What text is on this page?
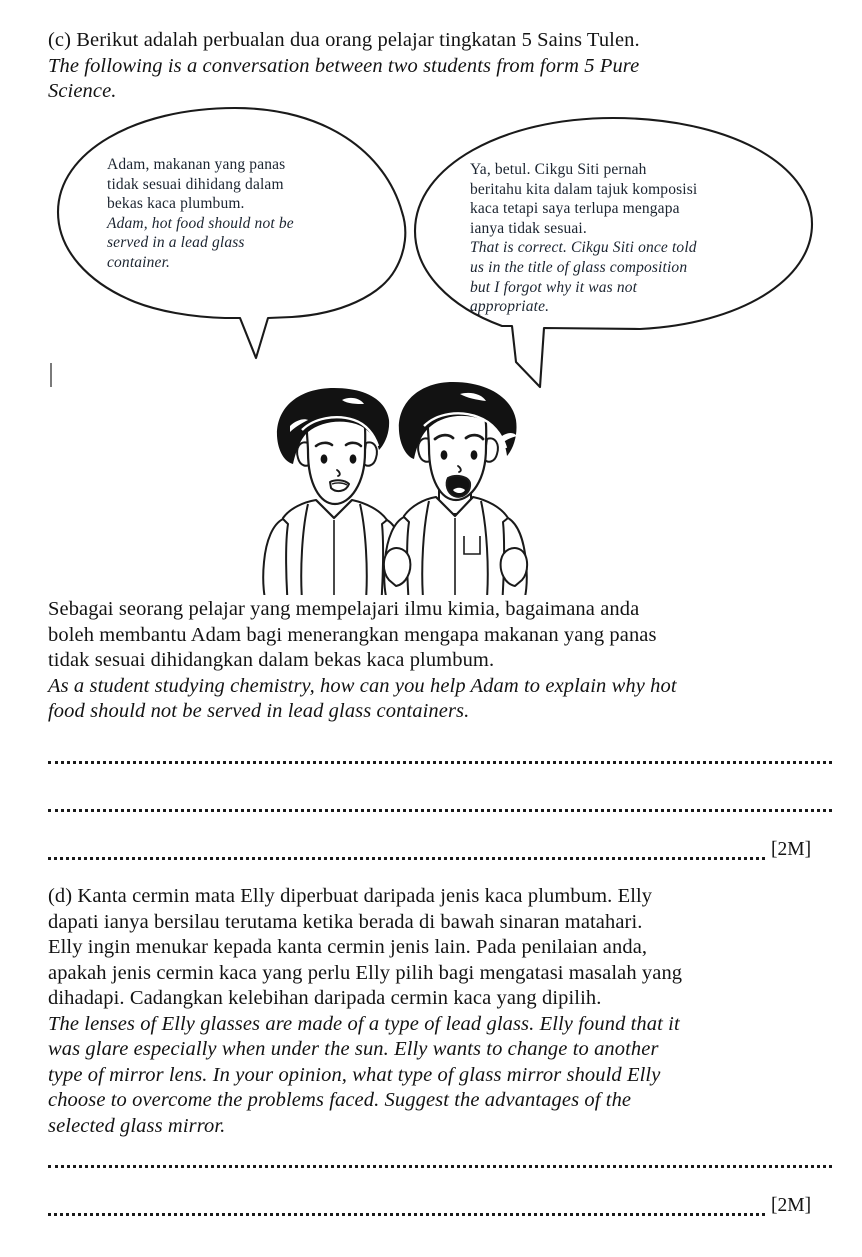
(c) Berikut adalah perbualan dua orang pelajar tingkatan 5 Sains Tulen.
The following is a conversation between two students from form 5 Pure
Science.
Adam, makanan yang panas
tidak sesuai dihidang dalam
bekas kaca plumbum.
Adam, hot food should not be
served in a lead glass
container.
Ya, betul. Cikgu Siti pernah
beritahu kita dalam tajuk komposisi
kaca tetapi saya terlupa mengapa
ianya tidak sesuai.
That is correct. Cikgu Siti once told
us in the title of glass composition
but I forgot why it was not
appropriate.
Sebagai seorang pelajar yang mempelajari ilmu kimia, bagaimana anda
boleh membantu Adam bagi menerangkan mengapa makanan yang panas
tidak sesuai dihidangkan dalam bekas kaca plumbum.
As a student studying chemistry, how can you help Adam to explain why hot
food should not be served in lead glass containers.
[2M]
(d) Kanta cermin mata Elly diperbuat daripada jenis kaca plumbum. Elly
dapati ianya bersilau terutama ketika berada di bawah sinaran matahari.
Elly ingin menukar kepada kanta cermin jenis lain. Pada penilaian anda,
apakah jenis cermin kaca yang perlu Elly pilih bagi mengatasi masalah yang
dihadapi. Cadangkan kelebihan daripada cermin kaca yang dipilih.
The lenses of Elly glasses are made of a type of lead glass. Elly found that it
was glare especially when under the sun. Elly wants to change to another
type of mirror lens. In your opinion, what type of glass mirror should Elly
choose to overcome the problems faced. Suggest the advantages of the
selected glass mirror.
[2M]
